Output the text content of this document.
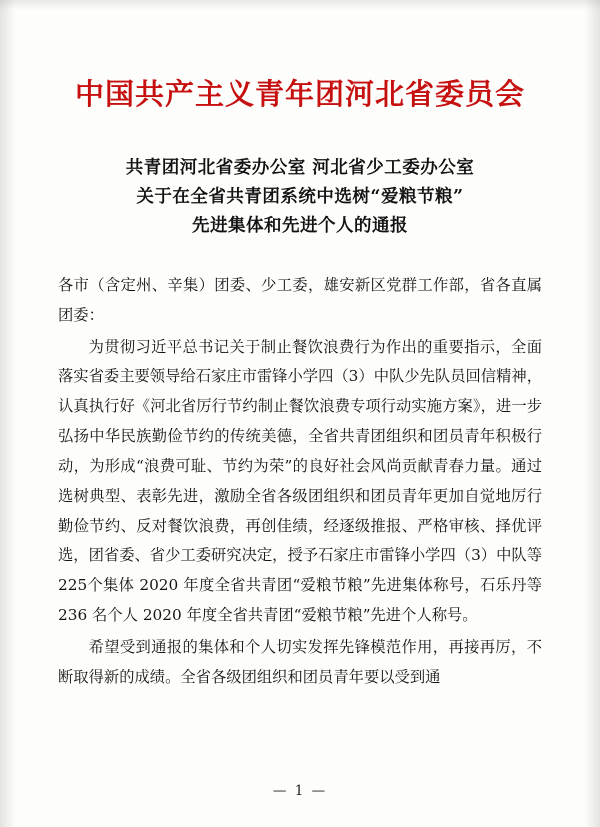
中国共产主义青年团河北省委员会
共青团河北省委办公室 河北省少工委办公室
关于在全省共青团系统中选树“爱粮节粮”
先进集体和先进个人的通报

各市（含定州、辛集）团委、少工委，雄安新区党群工作部，省各直属团委：

为贯彻习近平总书记关于制止餐饮浪费行为作出的重要指示，全面落实省委主要领导给石家庄市雷锋小学四（3）中队少先队员回信精神，认真执行好《河北省厉行节约制止餐饮浪费专项行动实施方案》，进一步弘扬中华民族勤俭节约的传统美德，全省共青团组织和团员青年积极行动，为形成“浪费可耻、节约为荣”的良好社会风尚贡献青春力量。通过选树典型、表彰先进，激励全省各级团组织和团员青年更加自觉地厉行勤俭节约、反对餐饮浪费，再创佳绩，经逐级推报、严格审核、择优评选，团省委、省少工委研究决定，授予石家庄市雷锋小学四（3）中队等225个集体 2020 年度全省共青团“爱粮节粮”先进集体称号，石乐丹等 236 名个人 2020 年度全省共青团“爱粮节粮”先进个人称号。

希望受到通报的集体和个人切实发挥先锋模范作用，再接再厉，不断取得新的成绩。全省各级团组织和团员青年要以受到通

— 1 —
